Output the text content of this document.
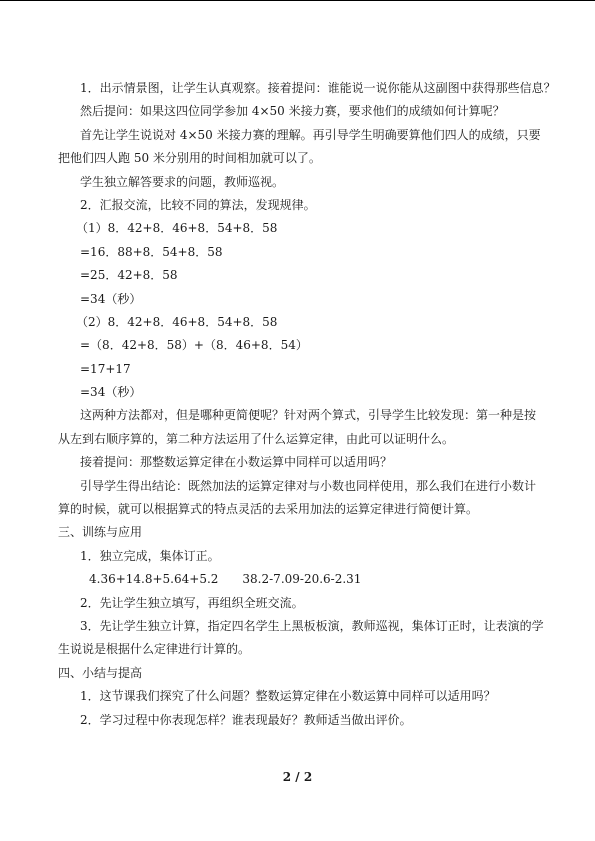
1．出示情景图，让学生认真观察。接着提问：谁能说一说你能从这副图中获得那些信息？
然后提问：如果这四位同学参加 4×50 米接力赛，要求他们的成绩如何计算呢？
首先让学生说说对 4×50 米接力赛的理解。再引导学生明确要算他们四人的成绩，只要
把他们四人跑 50 米分别用的时间相加就可以了。
学生独立解答要求的问题，教师巡视。
2．汇报交流，比较不同的算法，发现规律。
（1）8．42+8．46+8．54+8．58
=16．88+8．54+8．58
=25．42+8．58
=34（秒）
（2）8．42+8．46+8．54+8．58
=（8．42+8．58）+（8．46+8．54）
=17+17
=34（秒）
这两种方法都对，但是哪种更简便呢？针对两个算式，引导学生比较发现：第一种是按
从左到右顺序算的，第二种方法运用了什么运算定律，由此可以证明什么。
接着提问：那整数运算定律在小数运算中同样可以适用吗？
引导学生得出结论：既然加法的运算定律对与小数也同样使用，那么我们在进行小数计
算的时候，就可以根据算式的特点灵活的去采用加法的运算定律进行简便计算。
三、训练与应用
1．独立完成，集体订正。
4.36+14.8+5.64+5.2　　38.2-7.09-20.6-2.31
2．先让学生独立填写，再组织全班交流。
3．先让学生独立计算，指定四名学生上黑板板演，教师巡视，集体订正时，让表演的学
生说说是根据什么定律进行计算的。
四、小结与提高
1．这节课我们探究了什么问题？整数运算定律在小数运算中同样可以适用吗？
2．学习过程中你表现怎样？谁表现最好？教师适当做出评价。
2 / 2
